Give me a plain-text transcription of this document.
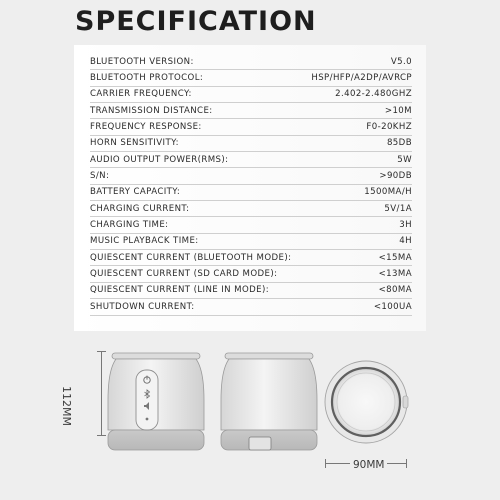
SPECIFICATION
BLUETOOTH VERSION:	V5.0
BLUETOOTH PROTOCOL:	HSP/HFP/A2DP/AVRCP
CARRIER FREQUENCY:	2.402-2.480GHZ
TRANSMISSION DISTANCE:	>10M
FREQUENCY RESPONSE:	F0-20KHZ
HORN SENSITIVITY:	85DB
AUDIO OUTPUT POWER(RMS):	5W
S/N:	>90DB
BATTERY CAPACITY:	1500MA/H
CHARGING CURRENT:	5V/1A
CHARGING TIME:	3H
MUSIC PLAYBACK TIME:	4H
QUIESCENT CURRENT (BLUETOOTH MODE):	<15MA
QUIESCENT CURRENT (SD CARD MODE):	<13MA
QUIESCENT CURRENT (LINE IN MODE):	<80MA
SHUTDOWN CURRENT:	<100UA
112MM
90MM
